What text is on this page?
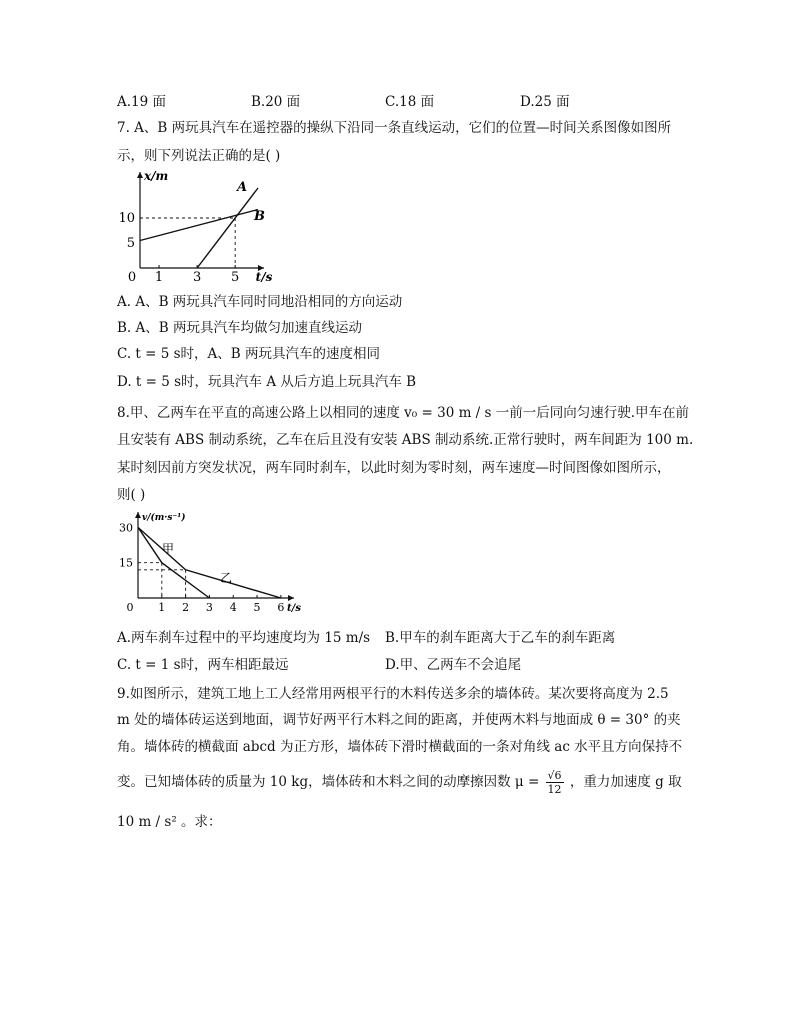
A.19 面	B.20 面	C.18 面	D.25 面
7. A、B 两玩具汽车在遥控器的操纵下沿同一条直线运动，它们的位置—时间关系图像如图所
示，则下列说法正确的是( )
t/s
x/m
0 1 3 5
5
10
A
B
A. A、B 两玩具汽车同时同地沿相同的方向运动
B. A、B 两玩具汽车均做匀加速直线运动
C. t = 5 s时，A、B 两玩具汽车的速度相同
D. t = 5 s时，玩具汽车 A 从后方追上玩具汽车 B
8.甲、乙两车在平直的高速公路上以相同的速度 v₀ = 30 m / s 一前一后同向匀速行驶.甲车在前
且安装有 ABS 制动系统，乙车在后且没有安装 ABS 制动系统.正常行驶时，两车间距为 100 m.
某时刻因前方突发状况，两车同时刹车，以此时刻为零时刻，两车速度—时间图像如图所示，
则( )
t/s
v/(m·s⁻¹)
0 1 2 3 4 5 6
15
30
甲
乙
A.两车刹车过程中的平均速度均为 15 m/s B.甲车的刹车距离大于乙车的刹车距离
C. t = 1 s时，两车相距最远	D.甲、乙两车不会追尾
9.如图所示，建筑工地上工人经常用两根平行的木料传送多余的墙体砖。某次要将高度为 2.5
m 处的墙体砖运送到地面，调节好两平行木料之间的距离，并使两木料与地面成 θ = 30° 的夹
角。墙体砖的横截面 abcd 为正方形，墙体砖下滑时横截面的一条对角线 ac 水平且方向保持不
变。已知墙体砖的质量为 10 kg，墙体砖和木料之间的动摩擦因数 $\mu = \frac{√6}{12}$ ，重力加速度 g 取
10 m / s² 。求：
